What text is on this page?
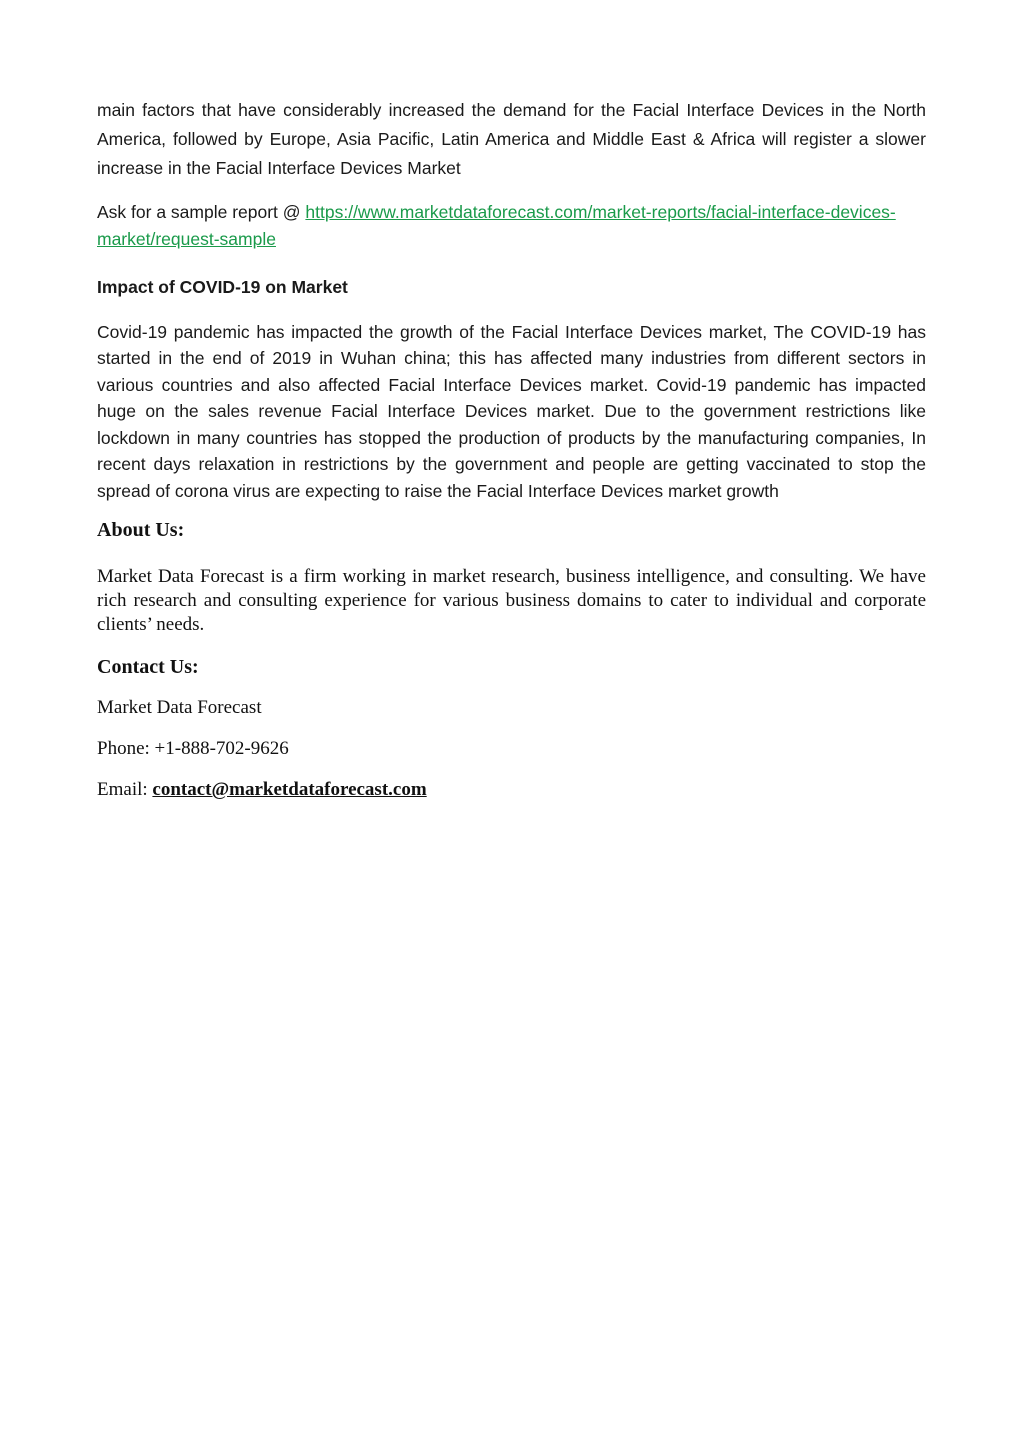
main factors that have considerably increased the demand for the Facial Interface Devices in the North America, followed by Europe, Asia Pacific, Latin America and Middle East & Africa will register a slower increase in the Facial Interface Devices Market

Ask for a sample report @ https://www.marketdataforecast.com/market-reports/facial-interface-devices-market/request-sample

Impact of COVID-19 on Market

Covid-19 pandemic has impacted the growth of the Facial Interface Devices market, The COVID-19 has started in the end of 2019 in Wuhan china; this has affected many industries from different sectors in various countries and also affected Facial Interface Devices market. Covid-19 pandemic has impacted huge on the sales revenue Facial Interface Devices market. Due to the government restrictions like lockdown in many countries has stopped the production of products by the manufacturing companies, In recent days relaxation in restrictions by the government and people are getting vaccinated to stop the spread of corona virus are expecting to raise the Facial Interface Devices market growth

About Us:

Market Data Forecast is a firm working in market research, business intelligence, and consulting. We have rich research and consulting experience for various business domains to cater to individual and corporate clients’ needs.

Contact Us:

Market Data Forecast

Phone: +1-888-702-9626

Email: contact@marketdataforecast.com
